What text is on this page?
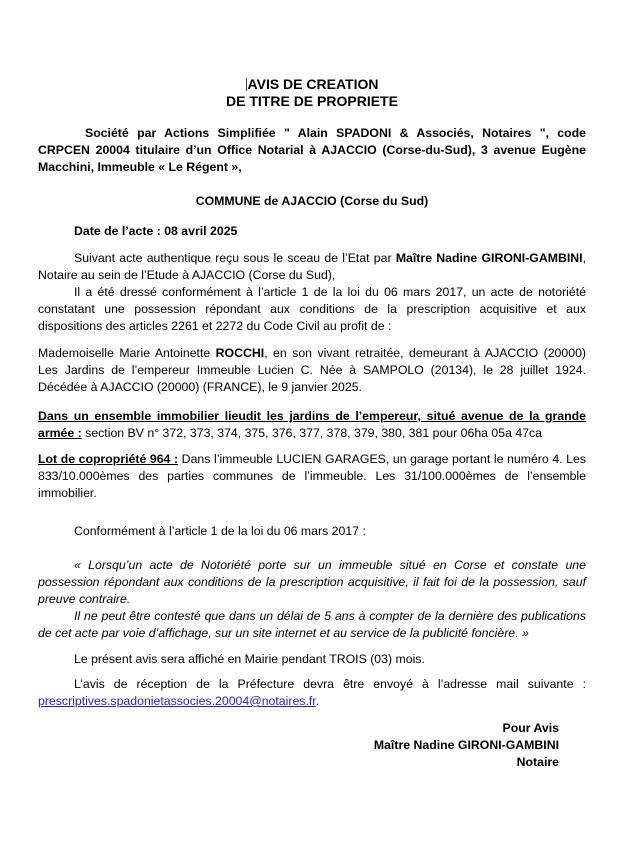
AVIS DE CREATION
DE TITRE DE PROPRIETE

Société par Actions Simplifiée " Alain SPADONI & Associés, Notaires ", code CRPCEN 20004 titulaire d’un Office Notarial à AJACCIO (Corse-du-Sud), 3 avenue Eugène Macchini, Immeuble « Le Régent »,

COMMUNE de AJACCIO (Corse du Sud)

Date de l’acte : 08 avril 2025

Suivant acte authentique reçu sous le sceau de l’Etat par Maître Nadine GIRONI-GAMBINI, Notaire au sein de l’Etude à AJACCIO (Corse du Sud),

Il a été dressé conformément à l’article 1 de la loi du 06 mars 2017, un acte de notoriété constatant une possession répondant aux conditions de la prescription acquisitive et aux dispositions des articles 2261 et 2272 du Code Civil au profit de :

Mademoiselle Marie Antoinette ROCCHI, en son vivant retraitée, demeurant à AJACCIO (20000) Les Jardins de l’empereur Immeuble Lucien C. Née à SAMPOLO (20134), le 28 juillet 1924. Décédée à AJACCIO (20000) (FRANCE), le 9 janvier 2025.

Dans un ensemble immobilier lieudit les jardins de l’empereur, situé avenue de la grande armée : section BV n° 372, 373, 374, 375, 376, 377, 378, 379, 380, 381 pour 06ha 05a 47ca

Lot de copropriété 964 : Dans l’immeuble LUCIEN GARAGES, un garage portant le numéro 4. Les 833/10.000èmes des parties communes de l’immeuble. Les 31/100.000èmes de l’ensemble immobilier.

Conformément à l’article 1 de la loi du 06 mars 2017 :

« Lorsqu’un acte de Notoriété porte sur un immeuble situé en Corse et constate une possession répondant aux conditions de la prescription acquisitive, il fait foi de la possession, sauf preuve contraire.

Il ne peut être contesté que dans un délai de 5 ans à compter de la dernière des publications de cet acte par voie d’affichage, sur un site internet et au service de la publicité foncière. »

Le présent avis sera affiché en Mairie pendant TROIS (03) mois.

L’avis de réception de la Préfecture devra être envoyé à l’adresse mail suivante : prescriptives.spadonietassocies.20004@notaires.fr.

Pour Avis
Maître Nadine GIRONI-GAMBINI
Notaire
